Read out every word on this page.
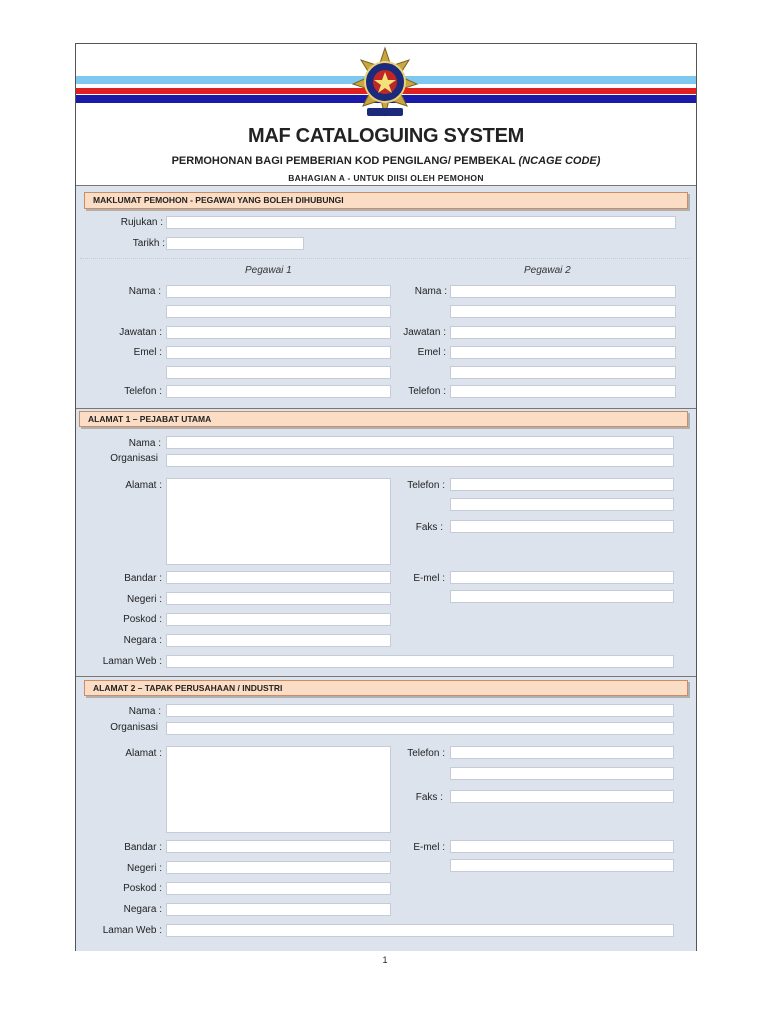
MAF CATALOGUING SYSTEM
PERMOHONAN BAGI PEMBERIAN KOD PENGILANG/ PEMBEKAL (NCAGE CODE)
BAHAGIAN A - UNTUK DIISI OLEH PEMOHON
MAKLUMAT PEMOHON - PEGAWAI YANG BOLEH DIHUBUNGI
Rujukan :
Tarikh :
Pegawai 1	Pegawai 2
Nama :	Nama :
Jawatan :	Jawatan :
Emel :	Emel :
Telefon :	Telefon :
ALAMAT 1 – PEJABAT UTAMA
Nama :
Organisasi
Alamat :	Telefon :
Faks :
Bandar :	E-mel :
Negeri :
Poskod :
Negara :
Laman Web :
ALAMAT 2 – TAPAK PERUSAHAAN / INDUSTRI
Nama :
Organisasi
Alamat :	Telefon :
Faks :
Bandar :	E-mel :
Negeri :
Poskod :
Negara :
Laman Web :
1
